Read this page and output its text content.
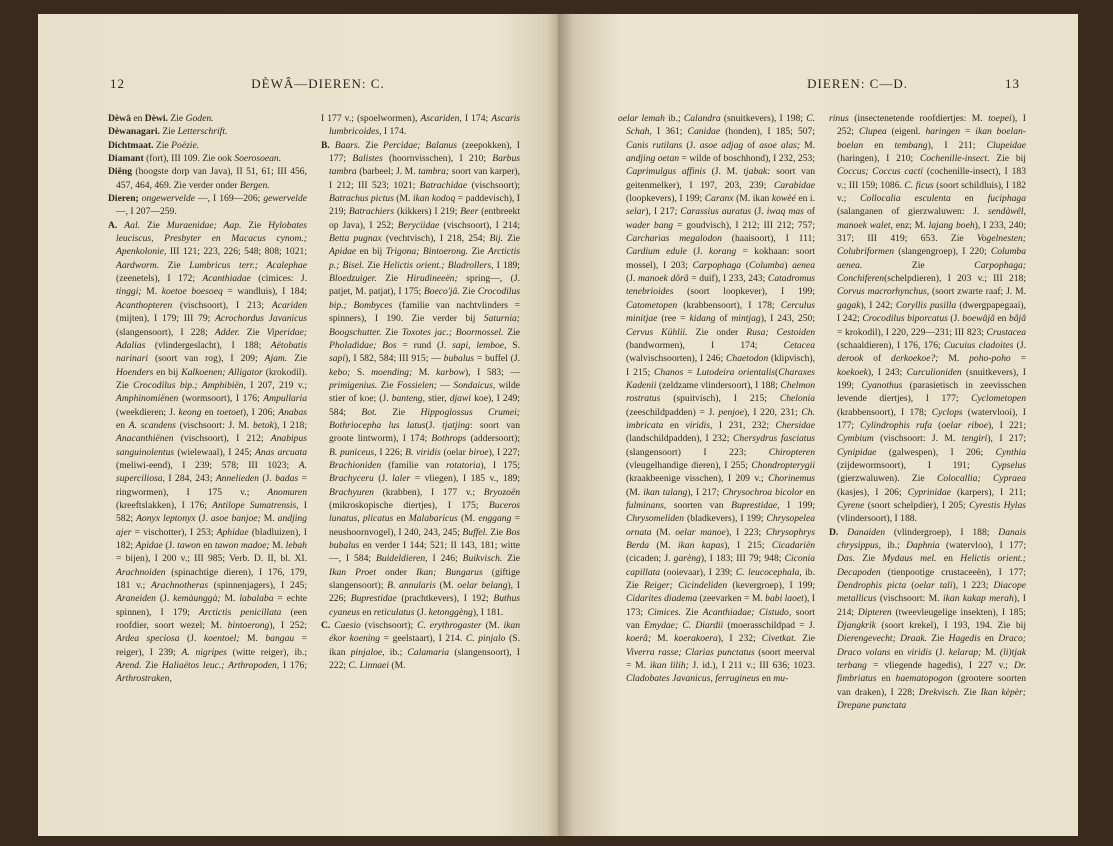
12	DÈWÂ—DIEREN: C.

Dèwâ en Dèwi. Zie Goden.

Dèwanagari. Zie Letterschrift.

Dichtmaat. Zie Poëzie.

Diamant (fort), III 109. Zie ook Soerosoean.

Diëng (hoogste dorp van Java), II 51, 61; III 456, 457, 464, 469. Zie verder onder Bergen.

Dieren; ongewervelde —, I 169—206; gewervelde —, I 207—259.

A. Aal. Zie Muraenidae; Aap. Zie Hylobates leuciscus, Presbyter en Macacus cynom.; Apenkolonie, III 121; 223, 226; 548; 808; 1021; Aardworm. Zie Lumbricus terr.; Acalephae (zeenetels), I 172; Acanthiadae (cimices: J. tinggi; M. koetoe boesoeq = wandluis), I 184; Acanthopteren (vischsoort), I 213; Acariden (mijten), I 179; III 79; Acrochordus Javanicus (slangensoort), I 228; Adder. Zie Viperidae; Adalias (vlindergeslacht), I 188; Aëtobatis narinari (soort van rog), I 209; Ajam. Zie Hoenders en bij Kalkoenen; Alligator (krokodil). Zie Crocodilus bip.; Amphibiën, I 207, 219 v.; Amphinomiënen (wormsoort), I 176; Ampullaria (weekdieren; J. keong en toetoet), I 206; Anabas en A. scandens (vischsoort: J. M. betok), I 218; Anacanthiënen (vischsoort), I 212; Anabipus sanguinolentus (wielewaal), I 245; Anas arcuata (meliwi-eend), I 239; 578; III 1023; A. superciliosa, I 284, 243; Annelieden (J. badas = ringwormen), I 175 v.; Anomuren (kreeftslakken), I 176; Antilope Sumatrensis, I 582; Aonyx leptonyx (J. asoe banjoe; M. andjing ajer = vischotter), I 253; Aphidae (bladluizen), I 182; Apidae (J. tawon en tawon madoe; M. lebah = bijen), I 200 v.; III 985; Verb. D. II, bl. XI. Arachnoiden (spinachtige dieren), I 176, 179, 181 v.; Arachnotheras (spinnenjagers), I 245; Araneiden (J. kemàunggà; M. labalaba = echte spinnen), I 179; Arctictis penicillata (een roofdier, soort wezel; M. bintoerong), I 252; Ardea speciosa (J. koentoel; M. bangau = reiger), I 239; A. nigripes (witte reiger), ib.; Arend. Zie Haliaëtos leuc.; Arthropoden, I 176; Arthrostraken,

I 177 v.; (spoelwormen), Ascariden, I 174; Ascaris lumbricoides, I 174.

B. Baars. Zie Percidae; Balanus (zeepokken), I 177; Balistes (hoornvisschen), I 210; Barbus tambra (barbeel; J. M. tambra; soort van karper), I 212; III 523; 1021; Batrachidae (vischsoort); Batrachus pictus (M. ikan kodoq = paddevisch), I 219; Batrachiers (kikkers) I 219; Beer (entbreekt op Java), I 252; Beryciidae (vischsoort), I 214; Betta pugnax (vechtvisch), I 218, 254; Bij. Zie Apidae en bij Trigona; Bintoerong. Zie Arctictis p.; Bisel. Zie Helictis orient.; Bladrollers, I 189; Bloedzuiger. Zie Hirudineeën; spring—, (J. patjet, M. patjat), I 175; Boeco'jâ. Zie Crocodilus bip.; Bombyces (familie van nachtvlinders = spinners), I 190. Zie verder bij Saturnia; Boogschutter. Zie Toxotes jac.; Boormossel. Zie Pholadidae; Bos = rund (J. sapi, lemboe, S. sapi), I 582, 584; III 915; — bubalus = buffel (J. kebo; S. moending; M. karbow), I 583; —primigenius. Zie Fossielen; — Sondaicus, wilde stier of koe; (J. banteng, stier, djawi koe), I 249; 584; Bot. Zie Hippoglossus Crumei; Bothriocepha lus latus(J. tjatjing: soort van groote lintworm), I 174; Bothrops (addersoort); B. puniceus, I 226; B. viridis (oelar biroe), I 227; Brachioniden (familie van rotatoria), I 175; Brachyceru (J. laler = vliegen), I 185 v., 189; Brachyuren (krabben), I 177 v.; Bryozoën (mikroskopische diertjes), I 175; Buceros lunatus, plicatus en Malabaricus (M. enggang = neushoornvogel), I 240, 243, 245; Buffel. Zie Bos bubalus en verder I 144; 521; II 143, 181; witte —, I 584; Buideldieren, I 246; Buikvisch. Zie Ikan Proet onder Ikan; Bungarus (giftige slangensoort); B. annularis (M. oelar belang), I 226; Buprestidae (prachtkevers), I 192; Buthus cyaneus en reticulatus (J. ketonggèng), I 181.

C. Caesio (vischsoort); C. erythrogaster (M. ikan ékor koening = geelstaart), I 214. C. pinjalo (S. ikan pinjaloe, ib.; Calamaria (slangensoort), I 222; C. Linnaei (M.

DIEREN: C—D.	13

oelar lemah ib.; Calandra (snuitkevers), I 198; C. Schah, I 361; Canidae (honden), I 185; 507; Canis rutilans (J. asoe adjag of asoe alas; M. andjing oetan = wilde of boschhond), I 232, 253; Caprimulgus affinis (J. M. tjabak: soort van geitenmelker), I 197, 203, 239; Carabidae (loopkevers), I 199; Caranx (M. ikan kowèé en i. selar), I 217; Carassius auratus (J. iwaq mas of wader bang = goudvisch), I 212; III 212; 757; Carcharias megalodon (haaisoort), I 111; Cardium edule (J. korang = kokhaan: soort mossel), I 203; Carpophaga (Columba) aenea (J. manoek dôrâ = duif), I 233, 243; Catadromus tenebrioides (soort loopkever), I 199; Catometopen (krabbensoort), I 178; Cerculus minitjae (ree = kidang of mintjag), I 243, 250; Cervus Kühlii. Zie onder Rusa; Cestoiden (bandwormen), I 174; Cetacea (walvischsoorten), I 246; Chaetodon (klipvisch), I 215; Chanos = Lutodeira orientalis(Charaxes Kadenii (zeldzame vlindersoort), I 188; Chelmon rostratus (spuitvisch), I 215; Chelonia (zeeschildpadden) = J. penjoe), I 220, 231; Ch. imbricata en viridis, I 231, 232; Chersidae (landschildpadden), I 232; Chersydrus fasciatus (slangensoort) I 223; Chiropteren (vleugelhandige dieren), I 255; Chondropterygii (kraakbeenige visschen), I 209 v.; Chorinemus (M. ikan talang), I 217; Chrysochroa bicolor en fulminans, soorten van Buprestidae, I 199; Chrysomeliden (bladkevers), I 199; Chrysopelea ornata (M. oelar manoe), I 223; Chrysophrys Berda (M. ikan kapas), I 215; Cicadariën (cicaden; J. garèng), I 183; III 79; 948; Ciconia capillata (ooievaar), I 239; C. leucocephala, ib. Zie Reiger; Cicindeliden (kevergroep), I 199; Cidarites diadema (zeevarken = M. babi laoet), I 173; Cimices. Zie Acanthiadae; Cistudo, soort van Emydae; C. Diardii (moerasschildpad = J. koerâ; M. koerakoera), I 232; Civetkat. Zie Viverra rasse; Clarias punctatus (soort meerval = M. ikan lilih; J. id.), I 211 v.; III 636; 1023. Cladobates Javanicus, ferrugineus en mu-

rinus (insectenetende roofdiertjes: M. toepei), I 252; Clupea (eigenl. haringen = ikan boelan-boelan en tembang), I 211; Clupeidae (haringen), I 210; Cochenille-insect. Zie bij Coccus; Coccus cacti (cochenille-insect), I 183 v.; III 159; 1086. C. ficus (soort schildluis), I 182 v.; Collocalia esculenta en fuciphaga (salanganen of gierzwaluwen: J. sendàwêl, manoek walet, enz; M. lajang boeh), I 233, 240; 317; III 419; 653. Zie Vogelnesten; Colubriformen (slangengroep), I 220; Columba aenea. Zie Carpophaga; Conchiferen(schelpdieren), I 203 v.; III 218; Corvus macrorhynchus, (soort zwarte raaf; J. M. gagak), I 242; Coryllis pusilla (dwergpapegaai), I 242; Crocodilus biporcatus (J. boewâjâ en bâjâ = krokodil), I 220, 229—231; III 823; Crustacea (schaaldieren), I 176, 176; Cucuius cladoites (J. derook of derkoekoe?; M. poho-poho = koekoek), I 243; Curculioniden (snuitkevers), I 199; Cyanothus (parasietisch in zeevisschen levende diertjes), I 177; Cyclometopen (krabbensoort), I 178; Cyclops (watervlooi), I 177; Cylindrophis rufa (oelar riboe), I 221; Cymbium (vischsoort: J. M. tengiri), I 217; Cynipidae (galwespen), I 206; Cynthia (zijdewormsoort), I 191; Cypselus (gierzwaluwen). Zie Colocallia; Cypraea (kasjes), I 206; Cyprinidae (karpers), I 211; Cyrene (soort schelpdier), I 205; Cyrestis Hylas (vlindersoort), I 188.

D. Danaiden (vlindergroep), I 188; Danais chrysippus, ib.; Daphnia (watervloo), I 177; Das. Zie Mydaus mel. en Helictis orient.; Decapoden (tienpootige crustaceeën), I 177; Dendrophis picta (oelar tali), I 223; Diacope metallicus (vischsoort: M. ikan kakap merah), I 214; Dipteren (tweevleugelige insekten), I 185; Djangkrik (soort krekel), I 193, 194. Zie bij Dierengevecht; Draak. Zie Hagedis en Draco; Draco volans en viridis (J. kelarap; M. (li)tjak terbang = vliegende hagedis), I 227 v.; Dr. fimbriatus en haematopogon (grootere soorten van draken), I 228; Drekvisch. Zie Ikan kèpèr; Drepane punctata
